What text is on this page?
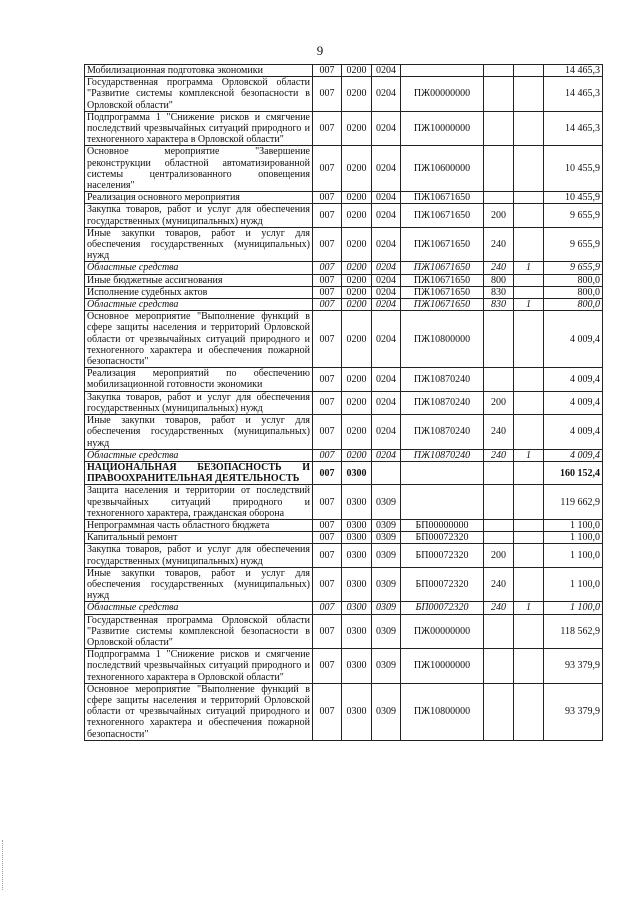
9
Мобилизационная подготовка экономики	007	0200	0204				14 465,3
Государственная программа Орловской области "Развитие системы комплексной безопасности в Орловской области"	007	0200	0204	ПЖ00000000			14 465,3
Подпрограмма 1 "Снижение рисков и смягчение последствий чрезвычайных ситуаций природного и техногенного характера в Орловской области"	007	0200	0204	ПЖ10000000			14 465,3
Основное мероприятие "Завершение реконструкции областной автоматизированной системы централизованного оповещения населения"	007	0200	0204	ПЖ10600000			10 455,9
Реализация основного мероприятия	007	0200	0204	ПЖ10671650			10 455,9
Закупка товаров, работ и услуг для обеспечения государственных (муниципальных) нужд	007	0200	0204	ПЖ10671650	200		9 655,9
Иные закупки товаров, работ и услуг для обеспечения государственных (муниципальных) нужд	007	0200	0204	ПЖ10671650	240		9 655,9
Областные средства	007	0200	0204	ПЖ10671650	240	1	9 655,9
Иные бюджетные ассигнования	007	0200	0204	ПЖ10671650	800		800,0
Исполнение судебных актов	007	0200	0204	ПЖ10671650	830		800,0
Областные средства	007	0200	0204	ПЖ10671650	830	1	800,0
Основное мероприятие "Выполнение функций в сфере защиты населения и территорий Орловской области от чрезвычайных ситуаций природного и техногенного характера и обеспечения пожарной безопасности"	007	0200	0204	ПЖ10800000			4 009,4
Реализация мероприятий по обеспечению мобилизационной готовности экономики	007	0200	0204	ПЖ10870240			4 009,4
Закупка товаров, работ и услуг для обеспечения государственных (муниципальных) нужд	007	0200	0204	ПЖ10870240	200		4 009,4
Иные закупки товаров, работ и услуг для обеспечения государственных (муниципальных) нужд	007	0200	0204	ПЖ10870240	240		4 009,4
Областные средства	007	0200	0204	ПЖ10870240	240	1	4 009,4
НАЦИОНАЛЬНАЯ БЕЗОПАСНОСТЬ И ПРАВООХРАНИТЕЛЬНАЯ ДЕЯТЕЛЬНОСТЬ	007	0300					160 152,4
Защита населения и территории от последствий чрезвычайных ситуаций природного и техногенного характера, гражданская оборона	007	0300	0309				119 662,9
Непрограммная часть областного бюджета	007	0300	0309	БП00000000			1 100,0
Капитальный ремонт	007	0300	0309	БП00072320			1 100,0
Закупка товаров, работ и услуг для обеспечения государственных (муниципальных) нужд	007	0300	0309	БП00072320	200		1 100,0
Иные закупки товаров, работ и услуг для обеспечения государственных (муниципальных) нужд	007	0300	0309	БП00072320	240		1 100,0
Областные средства	007	0300	0309	БП00072320	240	1	1 100,0
Государственная программа Орловской области "Развитие системы комплексной безопасности в Орловской области"	007	0300	0309	ПЖ00000000			118 562,9
Подпрограмма 1 "Снижение рисков и смягчение последствий чрезвычайных ситуаций природного и техногенного характера в Орловской области"	007	0300	0309	ПЖ10000000			93 379,9
Основное мероприятие "Выполнение функций в сфере защиты населения и территорий Орловской области от чрезвычайных ситуаций природного и техногенного характера и обеспечения пожарной безопасности"	007	0300	0309	ПЖ10800000			93 379,9
